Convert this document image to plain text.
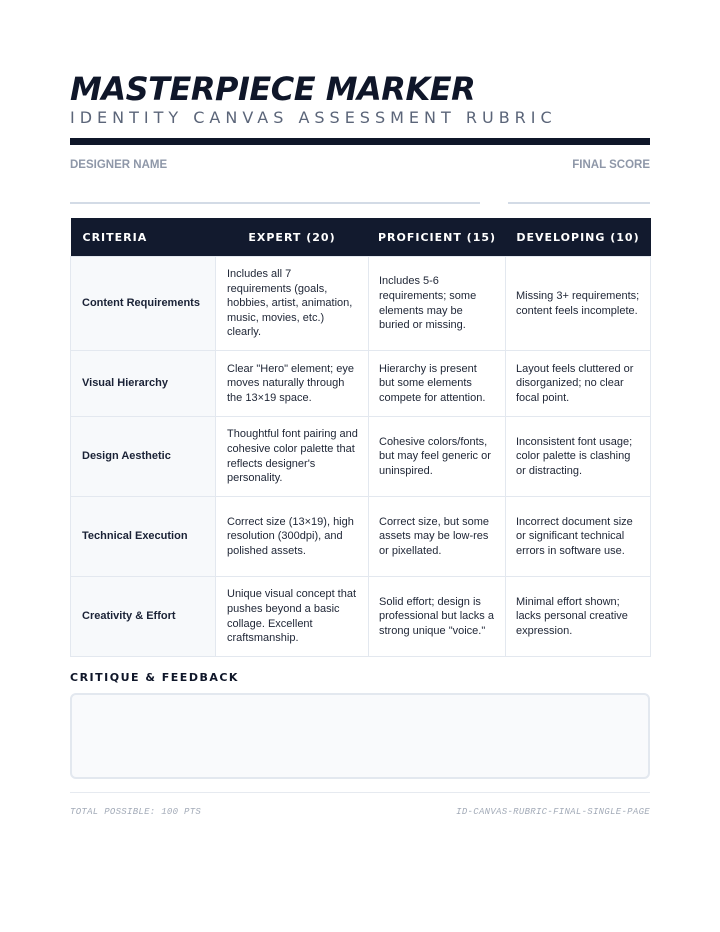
MASTERPIECE MARKER
IDENTITY CANVAS ASSESSMENT RUBRIC
DESIGNER NAME	FINAL SCORE
CRITERIA	EXPERT (20)	PROFICIENT (15)	DEVELOPING (10)
Content Requirements	Includes all 7 requirements (goals, hobbies, artist, animation, music, movies, etc.) clearly.	Includes 5-6 requirements; some elements may be buried or missing.	Missing 3+ requirements; content feels incomplete.
Visual Hierarchy	Clear "Hero" element; eye moves naturally through the 13×19 space.	Hierarchy is present but some elements compete for attention.	Layout feels cluttered or disorganized; no clear focal point.
Design Aesthetic	Thoughtful font pairing and cohesive color palette that reflects designer's personality.	Cohesive colors/fonts, but may feel generic or uninspired.	Inconsistent font usage; color palette is clashing or distracting.
Technical Execution	Correct size (13×19), high resolution (300dpi), and polished assets.	Correct size, but some assets may be low-res or pixellated.	Incorrect document size or significant technical errors in software use.
Creativity & Effort	Unique visual concept that pushes beyond a basic collage. Excellent craftsmanship.	Solid effort; design is professional but lacks a strong unique "voice."	Minimal effort shown; lacks personal creative expression.
CRITIQUE & FEEDBACK
TOTAL POSSIBLE: 100 PTS	ID-CANVAS-RUBRIC-FINAL-SINGLE-PAGE
